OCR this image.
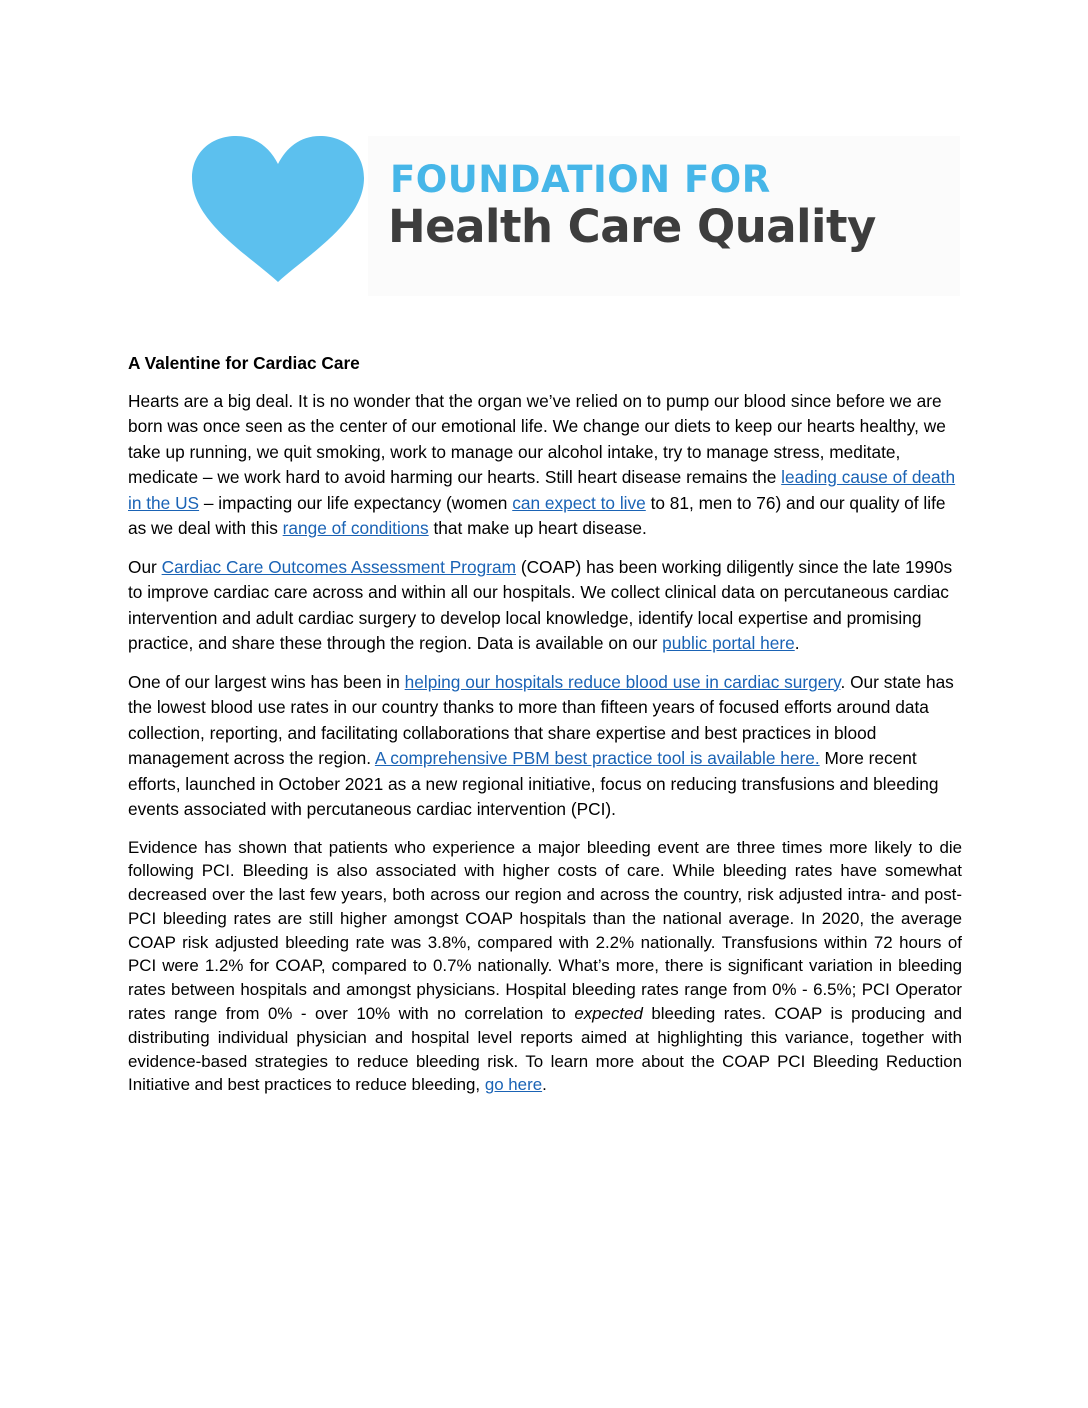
FOUNDATION FOR
Health Care Quality
A Valentine for Cardiac Care

Hearts are a big deal. It is no wonder that the organ we’ve relied on to pump our blood since before we are born was once seen as the center of our emotional life. We change our diets to keep our hearts healthy, we take up running, we quit smoking, work to manage our alcohol intake, try to manage stress, meditate, medicate – we work hard to avoid harming our hearts. Still heart disease remains the leading cause of death in the US – impacting our life expectancy (women can expect to live to 81, men to 76) and our quality of life as we deal with this range of conditions that make up heart disease.

Our Cardiac Care Outcomes Assessment Program (COAP) has been working diligently since the late 1990s to improve cardiac care across and within all our hospitals. We collect clinical data on percutaneous cardiac intervention and adult cardiac surgery to develop local knowledge, identify local expertise and promising practice, and share these through the region. Data is available on our public portal here.

One of our largest wins has been in helping our hospitals reduce blood use in cardiac surgery. Our state has the lowest blood use rates in our country thanks to more than fifteen years of focused efforts around data collection, reporting, and facilitating collaborations that share expertise and best practices in blood management across the region. A comprehensive PBM best practice tool is available here. More recent efforts, launched in October 2021 as a new regional initiative, focus on reducing transfusions and bleeding events associated with percutaneous cardiac intervention (PCI).

Evidence has shown that patients who experience a major bleeding event are three times more likely to die following PCI. Bleeding is also associated with higher costs of care. While bleeding rates have somewhat decreased over the last few years, both across our region and across the country, risk adjusted intra- and post-PCI bleeding rates are still higher amongst COAP hospitals than the national average. In 2020, the average COAP risk adjusted bleeding rate was 3.8%, compared with 2.2% nationally. Transfusions within 72 hours of PCI were 1.2% for COAP, compared to 0.7% nationally. What’s more, there is significant variation in bleeding rates between hospitals and amongst physicians. Hospital bleeding rates range from 0% - 6.5%; PCI Operator rates range from 0% - over 10% with no correlation to expected bleeding rates. COAP is producing and distributing individual physician and hospital level reports aimed at highlighting this variance, together with evidence-based strategies to reduce bleeding risk. To learn more about the COAP PCI Bleeding Reduction Initiative and best practices to reduce bleeding, go here.
